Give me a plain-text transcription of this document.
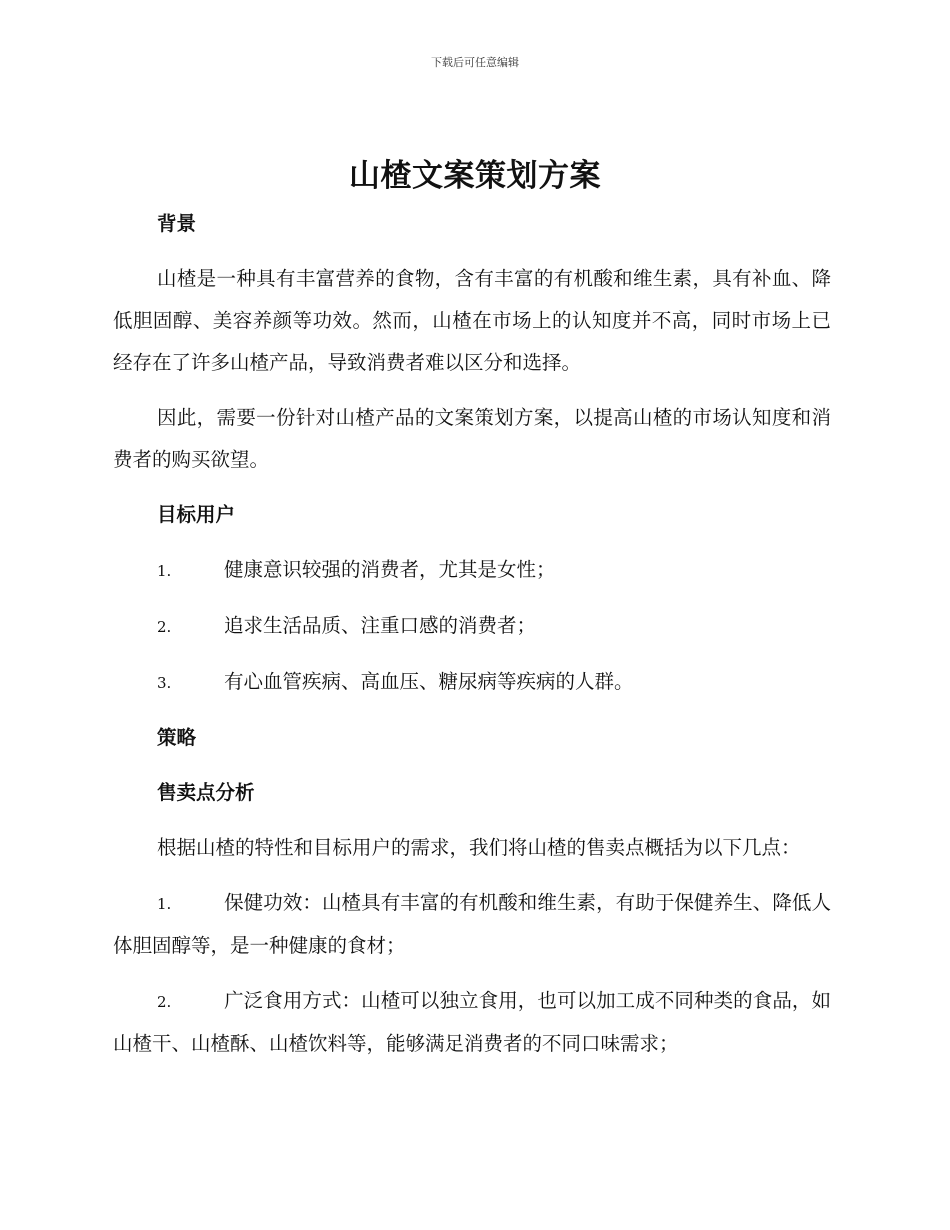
下载后可任意编辑
山楂文案策划方案

背景

山楂是一种具有丰富营养的食物，含有丰富的有机酸和维生素，具有补血、降低胆固醇、美容养颜等功效。然而，山楂在市场上的认知度并不高，同时市场上已经存在了许多山楂产品，导致消费者难以区分和选择。

因此，需要一份针对山楂产品的文案策划方案，以提高山楂的市场认知度和消费者的购买欲望。

目标用户

1.	健康意识较强的消费者，尤其是女性；

2.	追求生活品质、注重口感的消费者；

3.	有心血管疾病、高血压、糖尿病等疾病的人群。

策略

售卖点分析

根据山楂的特性和目标用户的需求，我们将山楂的售卖点概括为以下几点：

1.	保健功效：山楂具有丰富的有机酸和维生素，有助于保健养生、降低人体胆固醇等，是一种健康的食材；

2.	广泛食用方式：山楂可以独立食用，也可以加工成不同种类的食品，如山楂干、山楂酥、山楂饮料等，能够满足消费者的不同口味需求；
